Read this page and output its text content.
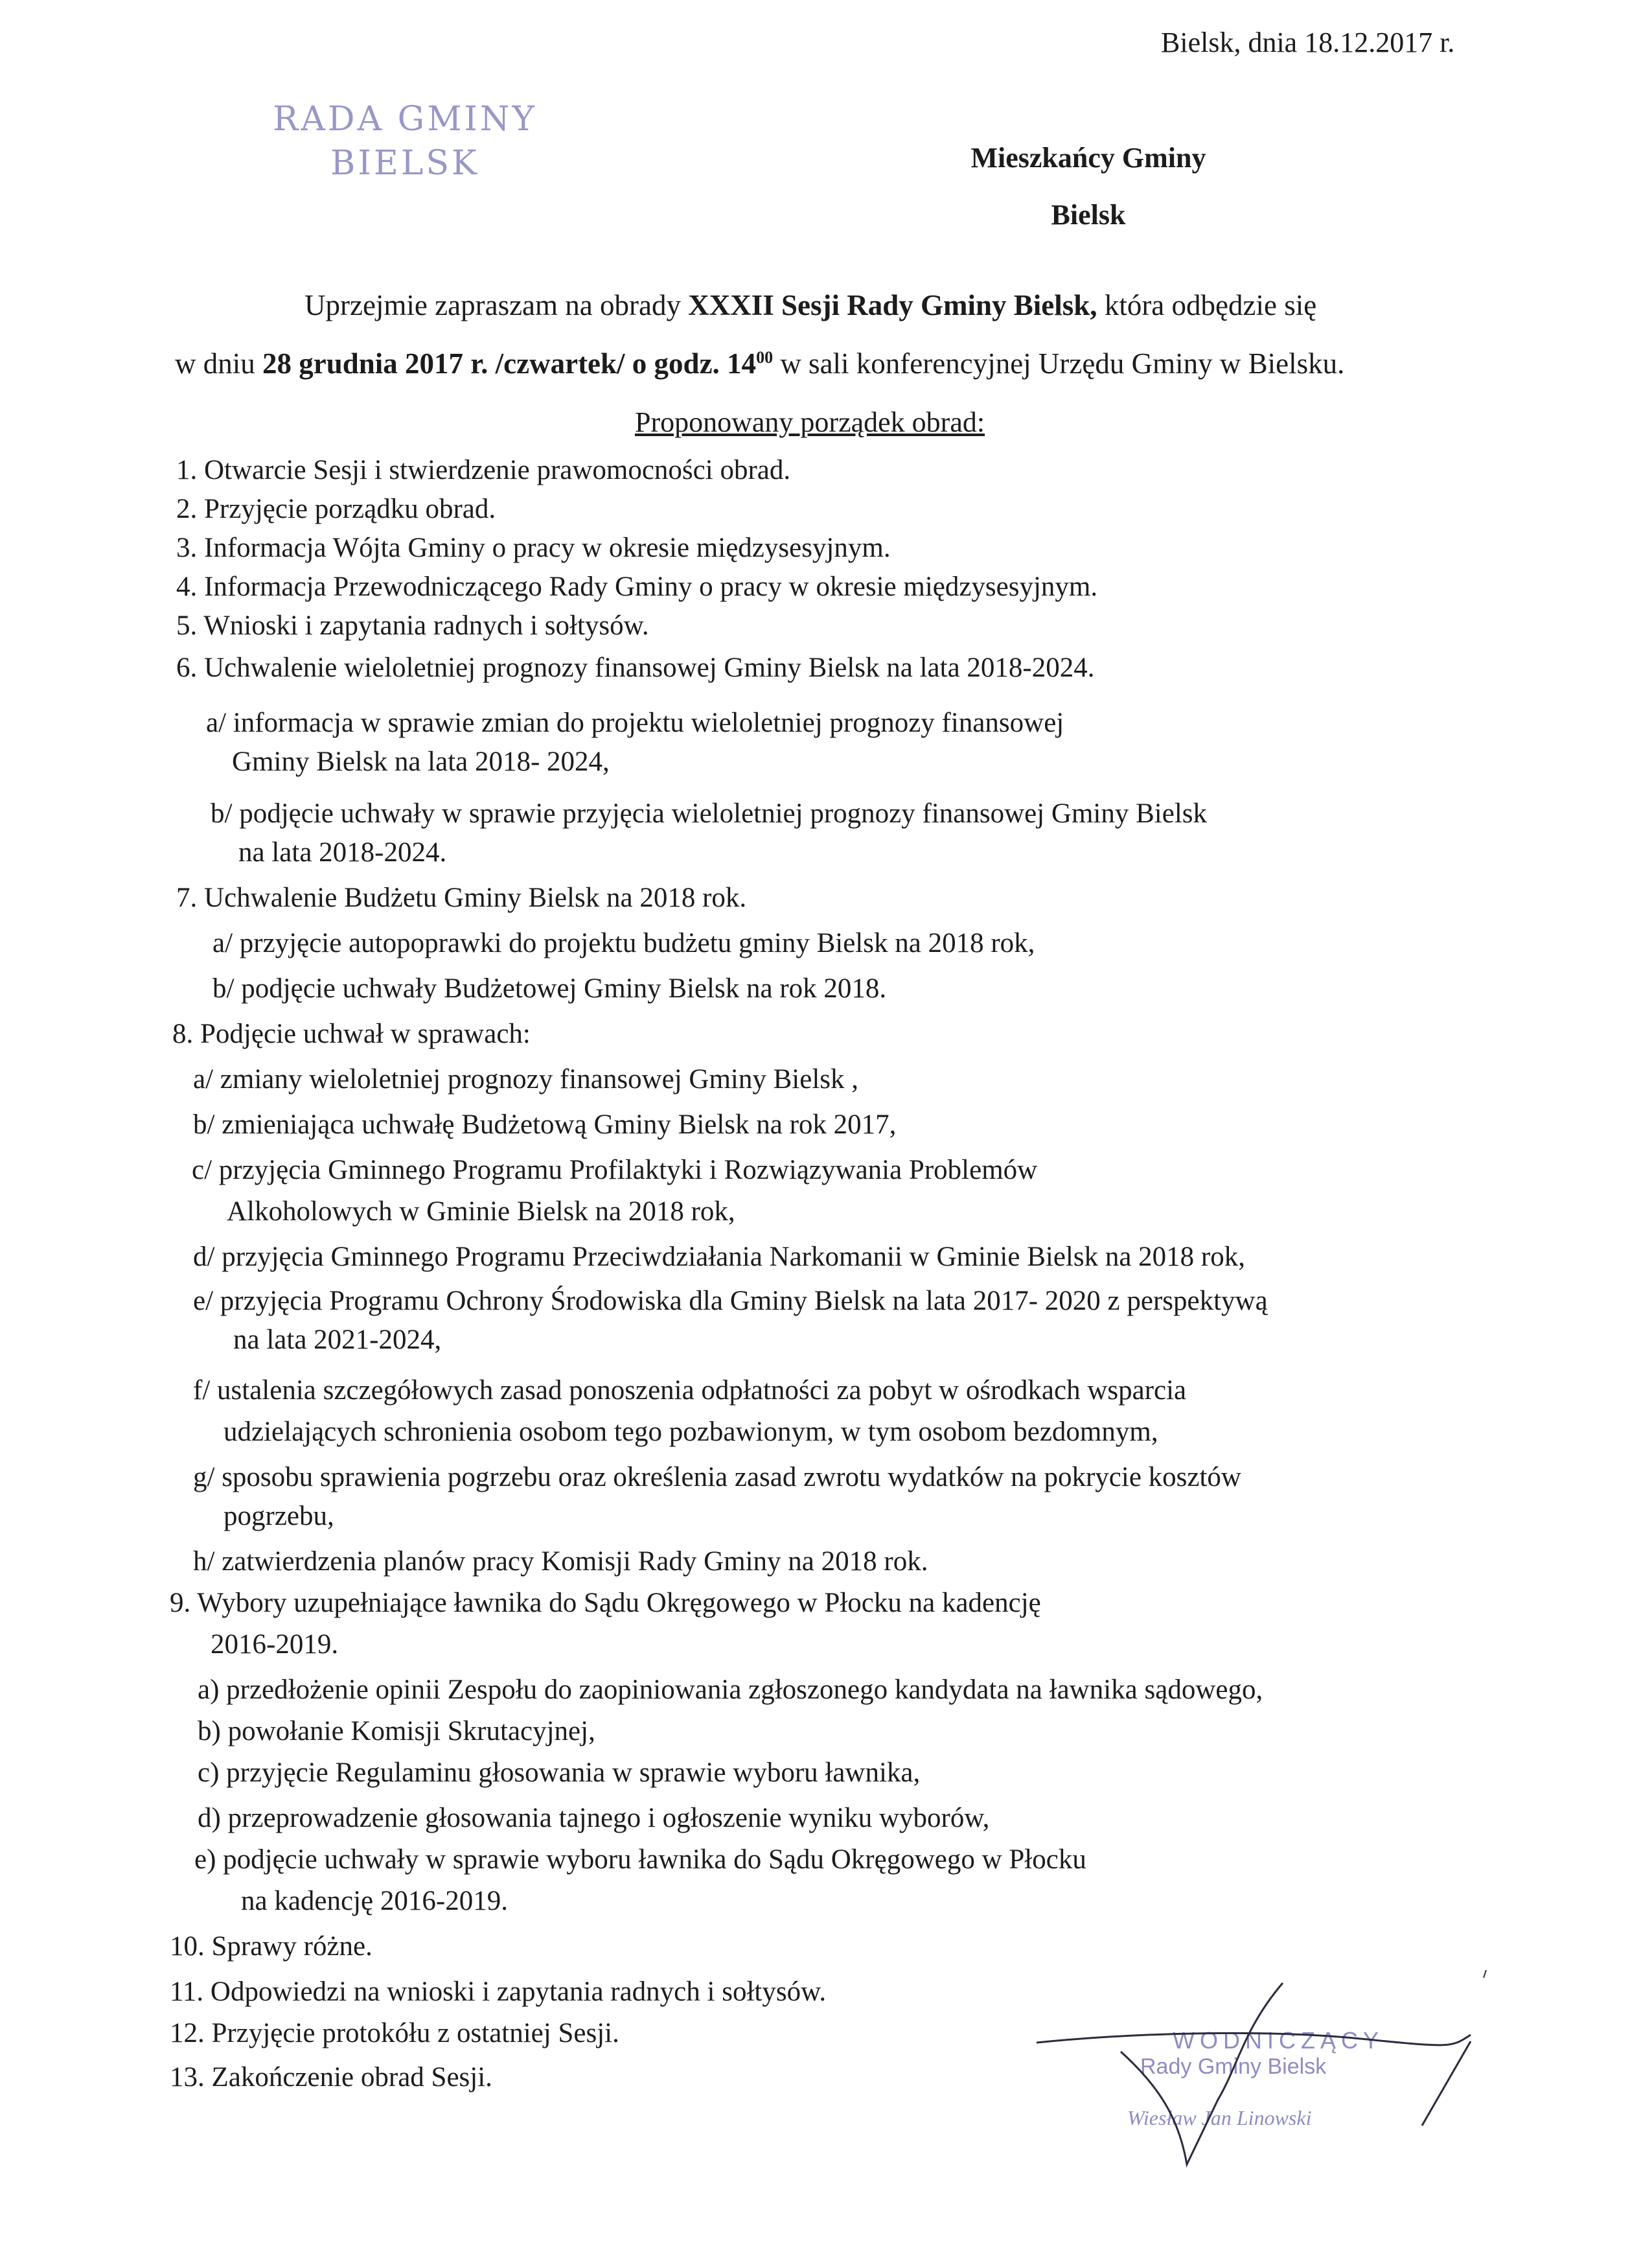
Bielsk, dnia 18.12.2017 r.
RADA GMINY
BIELSK	Mieszkańcy Gminy
Bielsk
Uprzejmie zapraszam na obrady XXXII Sesji Rady Gminy Bielsk, która odbędzie się
w dniu 28 grudnia 2017 r. /czwartek/ o godz. $14^{00}$ w sali konferencyjnej Urzędu Gminy w Bielsku.
Proponowany porządek obrad:
1. Otwarcie Sesji i stwierdzenie prawomocności obrad.
2. Przyjęcie porządku obrad.
3. Informacja Wójta Gminy o pracy w okresie międzysesyjnym.
4. Informacja Przewodniczącego Rady Gminy o pracy w okresie międzysesyjnym.
5. Wnioski i zapytania radnych i sołtysów.
6. Uchwalenie wieloletniej prognozy finansowej Gminy Bielsk na lata 2018-2024.
a/ informacja w sprawie zmian do projektu wieloletniej prognozy finansowej
Gminy Bielsk na lata 2018- 2024,
b/ podjęcie uchwały w sprawie przyjęcia wieloletniej prognozy finansowej Gminy Bielsk
na lata 2018-2024.
7. Uchwalenie Budżetu Gminy Bielsk na 2018 rok.
a/ przyjęcie autopoprawki do projektu budżetu gminy Bielsk na 2018 rok,
b/ podjęcie uchwały Budżetowej Gminy Bielsk na rok 2018.
8. Podjęcie uchwał w sprawach:
a/ zmiany wieloletniej prognozy finansowej Gminy Bielsk ,
b/ zmieniająca uchwałę Budżetową Gminy Bielsk na rok 2017,
c/ przyjęcia Gminnego Programu Profilaktyki i Rozwiązywania Problemów
Alkoholowych w Gminie Bielsk na 2018 rok,
d/ przyjęcia Gminnego Programu Przeciwdziałania Narkomanii w Gminie Bielsk na 2018 rok,
e/ przyjęcia Programu Ochrony Środowiska dla Gminy Bielsk na lata 2017- 2020 z perspektywą
na lata 2021-2024,
f/ ustalenia szczegółowych zasad ponoszenia odpłatności za pobyt w ośrodkach wsparcia
udzielających schronienia osobom tego pozbawionym, w tym osobom bezdomnym,
g/ sposobu sprawienia pogrzebu oraz określenia zasad zwrotu wydatków na pokrycie kosztów
pogrzebu,
h/ zatwierdzenia planów pracy Komisji Rady Gminy na 2018 rok.
9. Wybory uzupełniające ławnika do Sądu Okręgowego w Płocku na kadencję
2016-2019.
a) przedłożenie opinii Zespołu do zaopiniowania zgłoszonego kandydata na ławnika sądowego,
b) powołanie Komisji Skrutacyjnej,
c) przyjęcie Regulaminu głosowania w sprawie wyboru ławnika,
d) przeprowadzenie głosowania tajnego i ogłoszenie wyniku wyborów,
e) podjęcie uchwały w sprawie wyboru ławnika do Sądu Okręgowego w Płocku
na kadencję 2016-2019.
10. Sprawy różne.
11. Odpowiedzi na wnioski i zapytania radnych i sołtysów.
12. Przyjęcie protokółu z ostatniej Sesji.
13. Zakończenie obrad Sesji.
WODNICZĄCY
Rady Gminy Bielsk
Wiesław Jan Linowski
